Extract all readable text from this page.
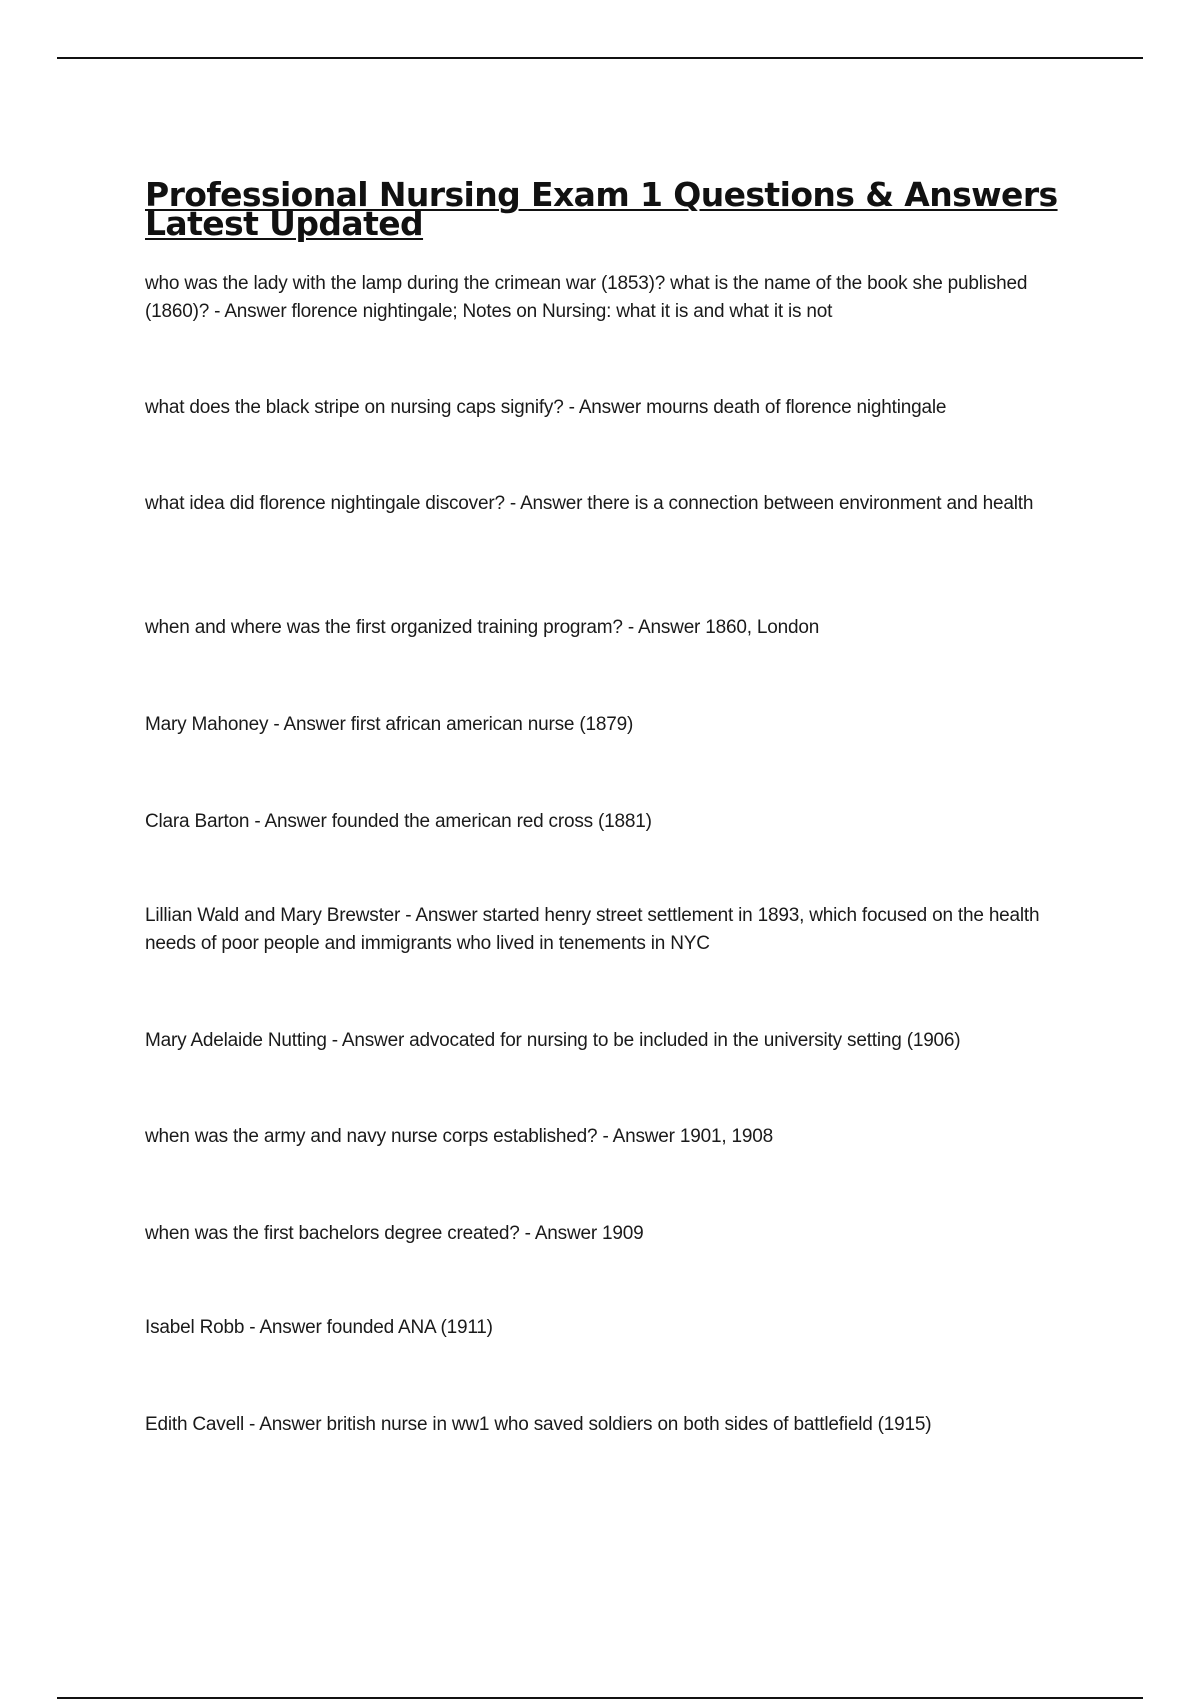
Professional Nursing Exam 1 Questions & Answers Latest Updated
who was the lady with the lamp during the crimean war (1853)? what is the name of the book she published (1860)? - Answer florence nightingale; Notes on Nursing: what it is and what it is not
what does the black stripe on nursing caps signify? - Answer mourns death of florence nightingale
what idea did florence nightingale discover? - Answer there is a connection between environment and health
when and where was the first organized training program? - Answer 1860, London
Mary Mahoney - Answer first african american nurse (1879)
Clara Barton - Answer founded the american red cross (1881)
Lillian Wald and Mary Brewster - Answer started henry street settlement in 1893, which focused on the health needs of poor people and immigrants who lived in tenements in NYC
Mary Adelaide Nutting - Answer advocated for nursing to be included in the university setting (1906)
when was the army and navy nurse corps established? - Answer 1901, 1908
when was the first bachelors degree created? - Answer 1909
Isabel Robb - Answer founded ANA (1911)
Edith Cavell - Answer british nurse in ww1 who saved soldiers on both sides of battlefield (1915)
